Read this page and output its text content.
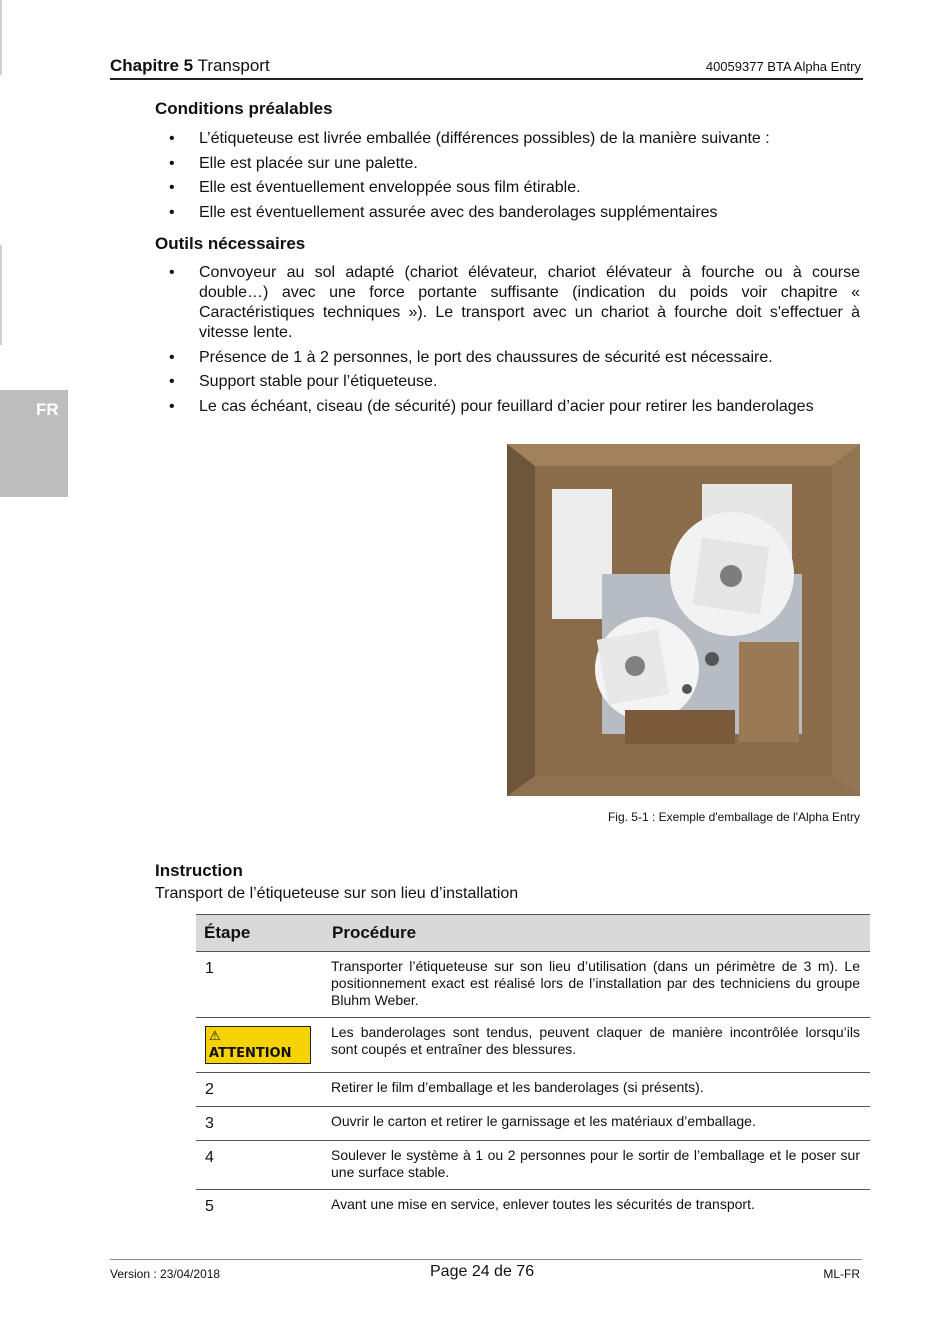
FR
Chapitre 5 Transport	40059377 BTA Alpha Entry
Conditions préalables
• L’étiqueteuse est livrée emballée (différences possibles) de la manière suivante :
• Elle est placée sur une palette.
• Elle est éventuellement enveloppée sous film étirable.
• Elle est éventuellement assurée avec des banderolages supplémentaires
Outils nécessaires
• Convoyeur au sol adapté (chariot élévateur, chariot élévateur à fourche ou à course double…) avec une force portante suffisante (indication du poids voir chapitre « Caractéristiques techniques »). Le transport avec un chariot à fourche doit s'effectuer à vitesse lente.
• Présence de 1 à 2 personnes, le port des chaussures de sécurité est nécessaire.
• Support stable pour l’étiqueteuse.
• Le cas échéant, ciseau (de sécurité) pour feuillard d’acier pour retirer les banderolages
Fig. 5-1 : Exemple d'emballage de l'Alpha Entry
Instruction
Transport de l’étiqueteuse sur son lieu d’installation
Étape	Procédure
1	Transporter l’étiqueteuse sur son lieu d’utilisation (dans un périmètre de 3 m). Le positionnement exact est réalisé lors de l’installation par des techniciens du groupe Bluhm Weber.
⚠ ATTENTION	Les banderolages sont tendus, peuvent claquer de manière incontrôlée lorsqu’ils sont coupés et entraîner des blessures.
2	Retirer le film d’emballage et les banderolages (si présents).
3	Ouvrir le carton et retirer le garnissage et les matériaux d’emballage.
4	Soulever le système à 1 ou 2 personnes pour le sortir de l’emballage et le poser sur une surface stable.
5	Avant une mise en service, enlever toutes les sécurités de transport.
Version : 23/04/2018	Page 24 de 76	ML-FR
